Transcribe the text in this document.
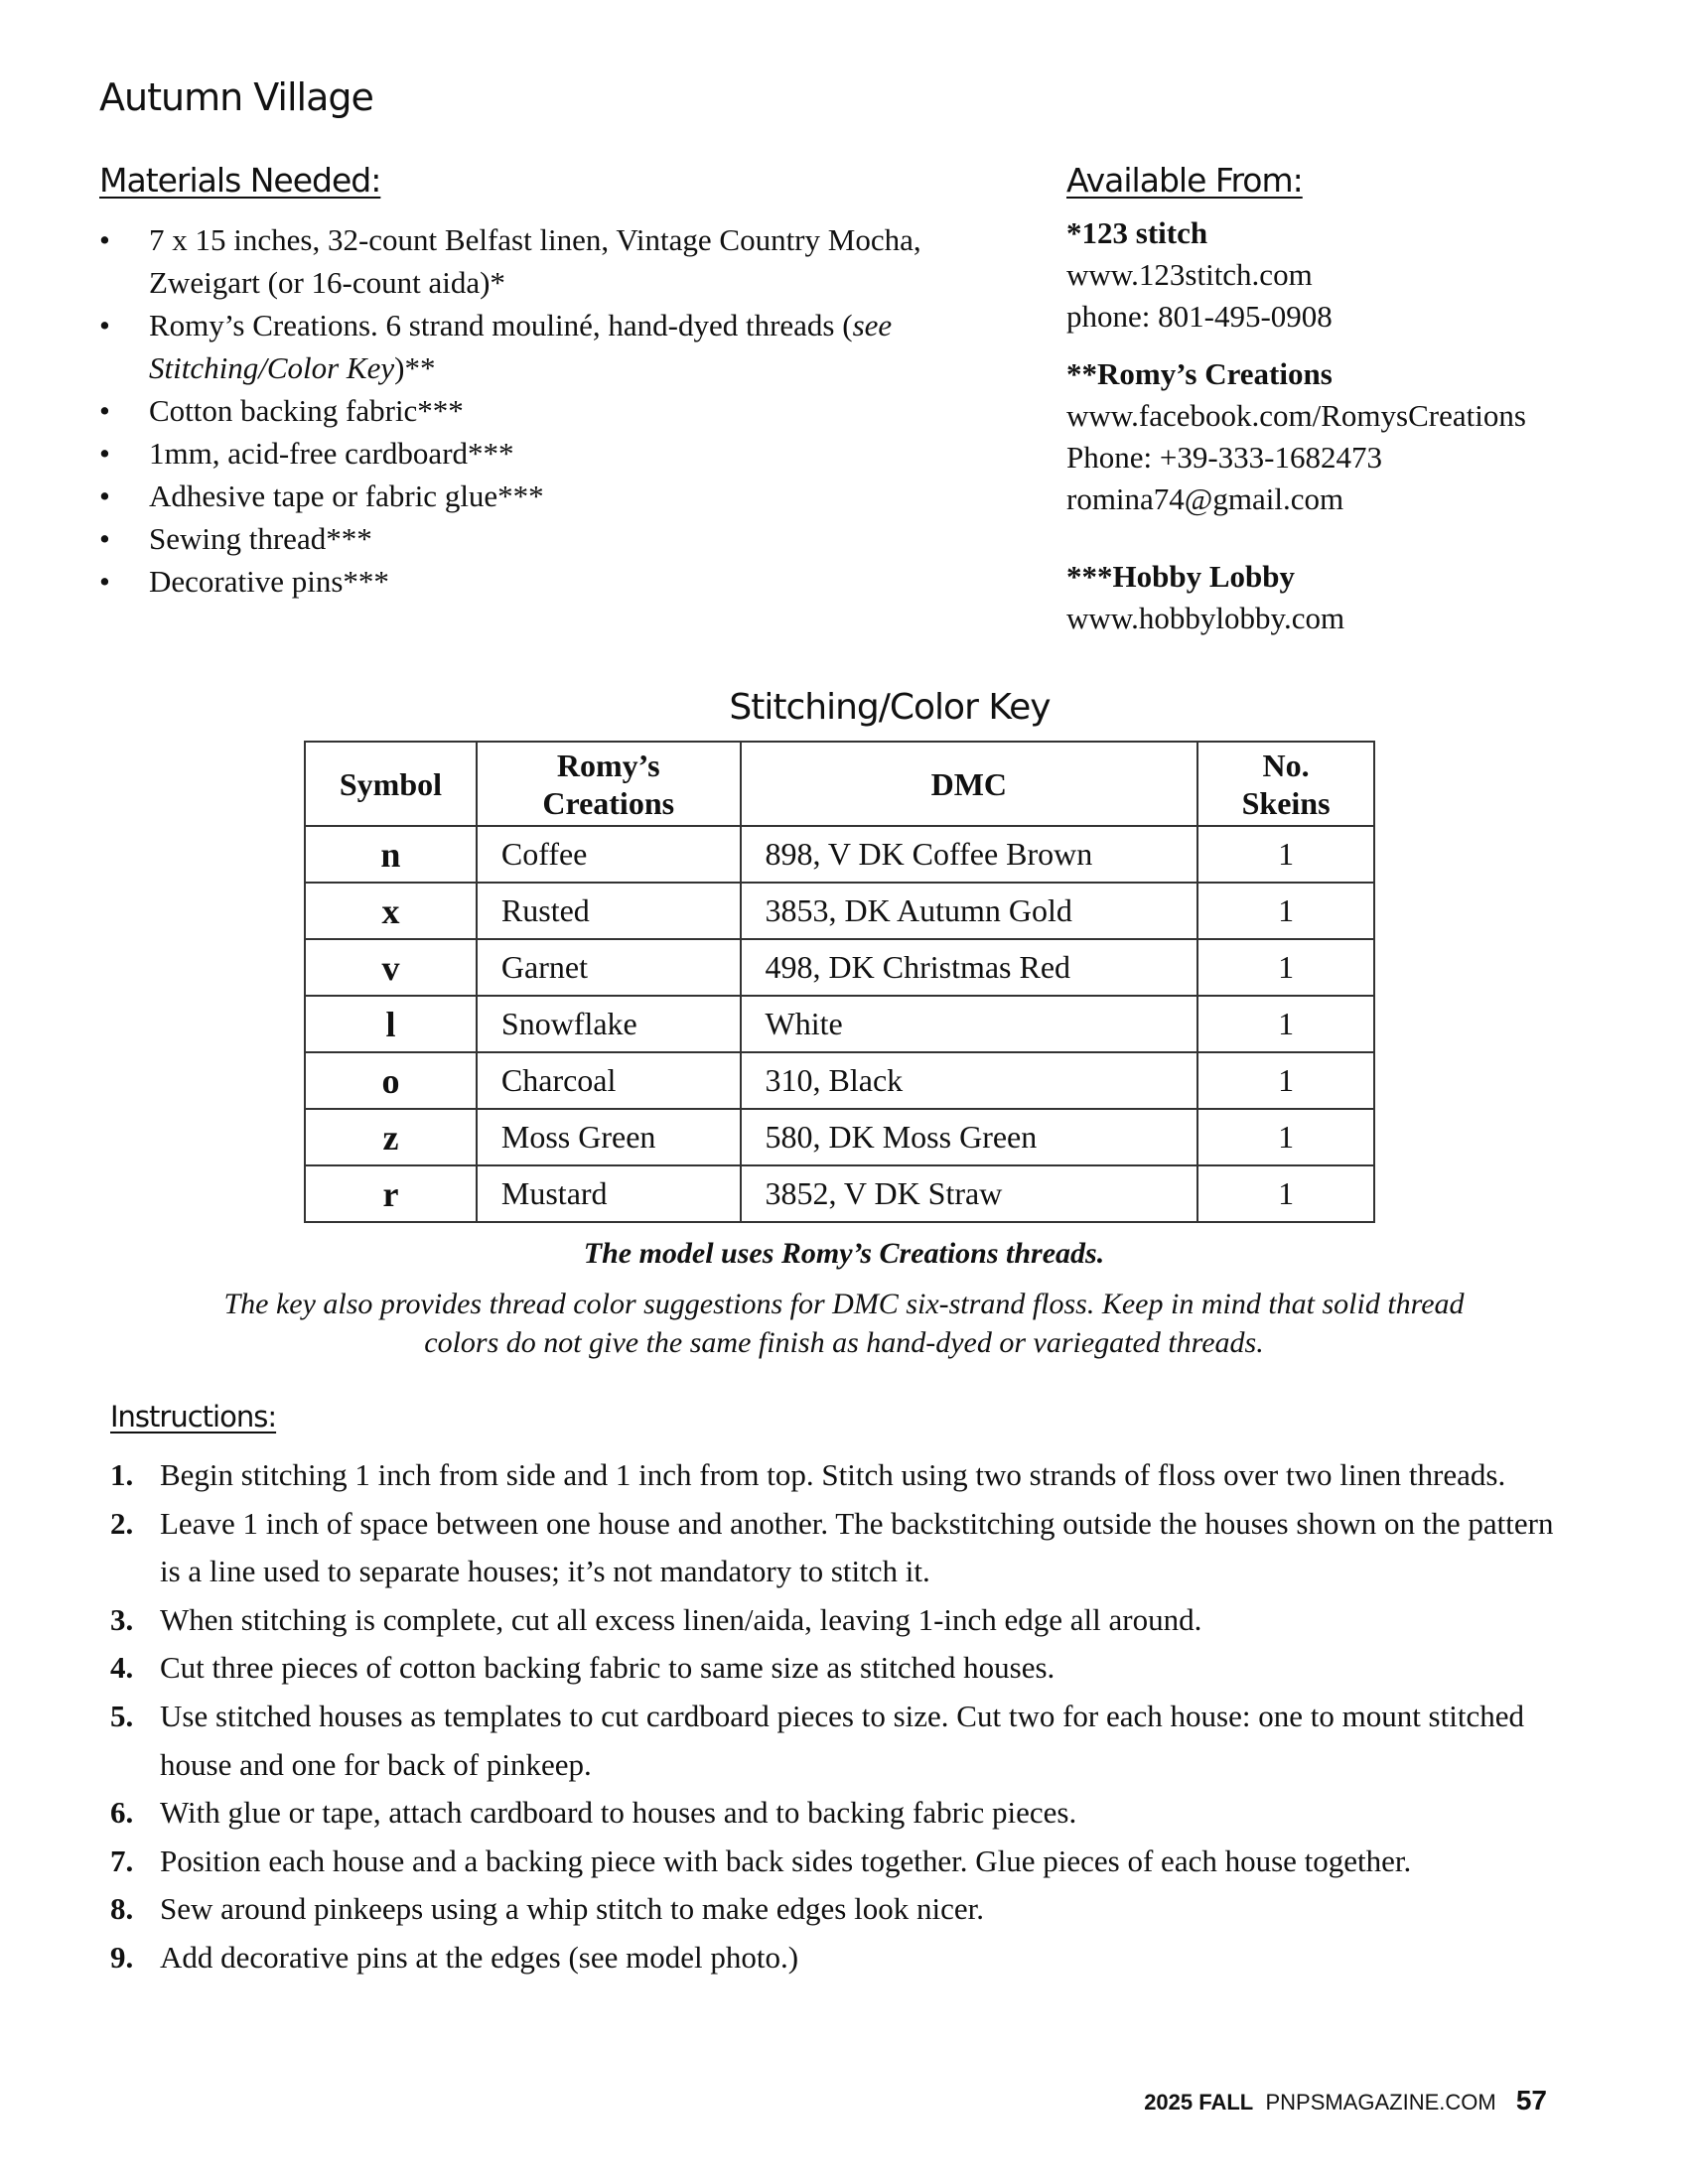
Autumn Village
Materials Needed:
• 7 x 15 inches, 32-count Belfast linen, Vintage Country Mocha, Zweigart (or 16-count aida)*
• Romy’s Creations. 6 strand mouliné, hand-dyed threads (see Stitching/Color Key)**
• Cotton backing fabric***
• 1mm, acid-free cardboard***
• Adhesive tape or fabric glue***
• Sewing thread***
• Decorative pins***
Available From:
*123 stitch
www.123stitch.com
phone: 801-495-0908
**Romy’s Creations
www.facebook.com/RomysCreations
Phone: +39-333-1682473
romina74@gmail.com
***Hobby Lobby
www.hobbylobby.com
Stitching/Color Key
Symbol	Romy’s Creations	DMC	No. Skeins
n	Coffee	898, V DK Coffee Brown	1
x	Rusted	3853, DK Autumn Gold	1
v	Garnet	498, DK Christmas Red	1
l	Snowflake	White	1
o	Charcoal	310, Black	1
z	Moss Green	580, DK Moss Green	1
r	Mustard	3852, V DK Straw	1
The model uses Romy’s Creations threads.
The key also provides thread color suggestions for DMC six-strand floss. Keep in mind that solid thread colors do not give the same finish as hand-dyed or variegated threads.
Instructions:
1. Begin stitching 1 inch from side and 1 inch from top. Stitch using two strands of floss over two linen threads.
2. Leave 1 inch of space between one house and another. The backstitching outside the houses shown on the pattern is a line used to separate houses; it’s not mandatory to stitch it.
3. When stitching is complete, cut all excess linen/aida, leaving 1-inch edge all around.
4. Cut three pieces of cotton backing fabric to same size as stitched houses.
5. Use stitched houses as templates to cut cardboard pieces to size. Cut two for each house: one to mount stitched house and one for back of pinkeep.
6. With glue or tape, attach cardboard to houses and to backing fabric pieces.
7. Position each house and a backing piece with back sides together. Glue pieces of each house together.
8. Sew around pinkeeps using a whip stitch to make edges look nicer.
9. Add decorative pins at the edges (see model photo.)
2025 FALL PNPSMAGAZINE.COM 57
